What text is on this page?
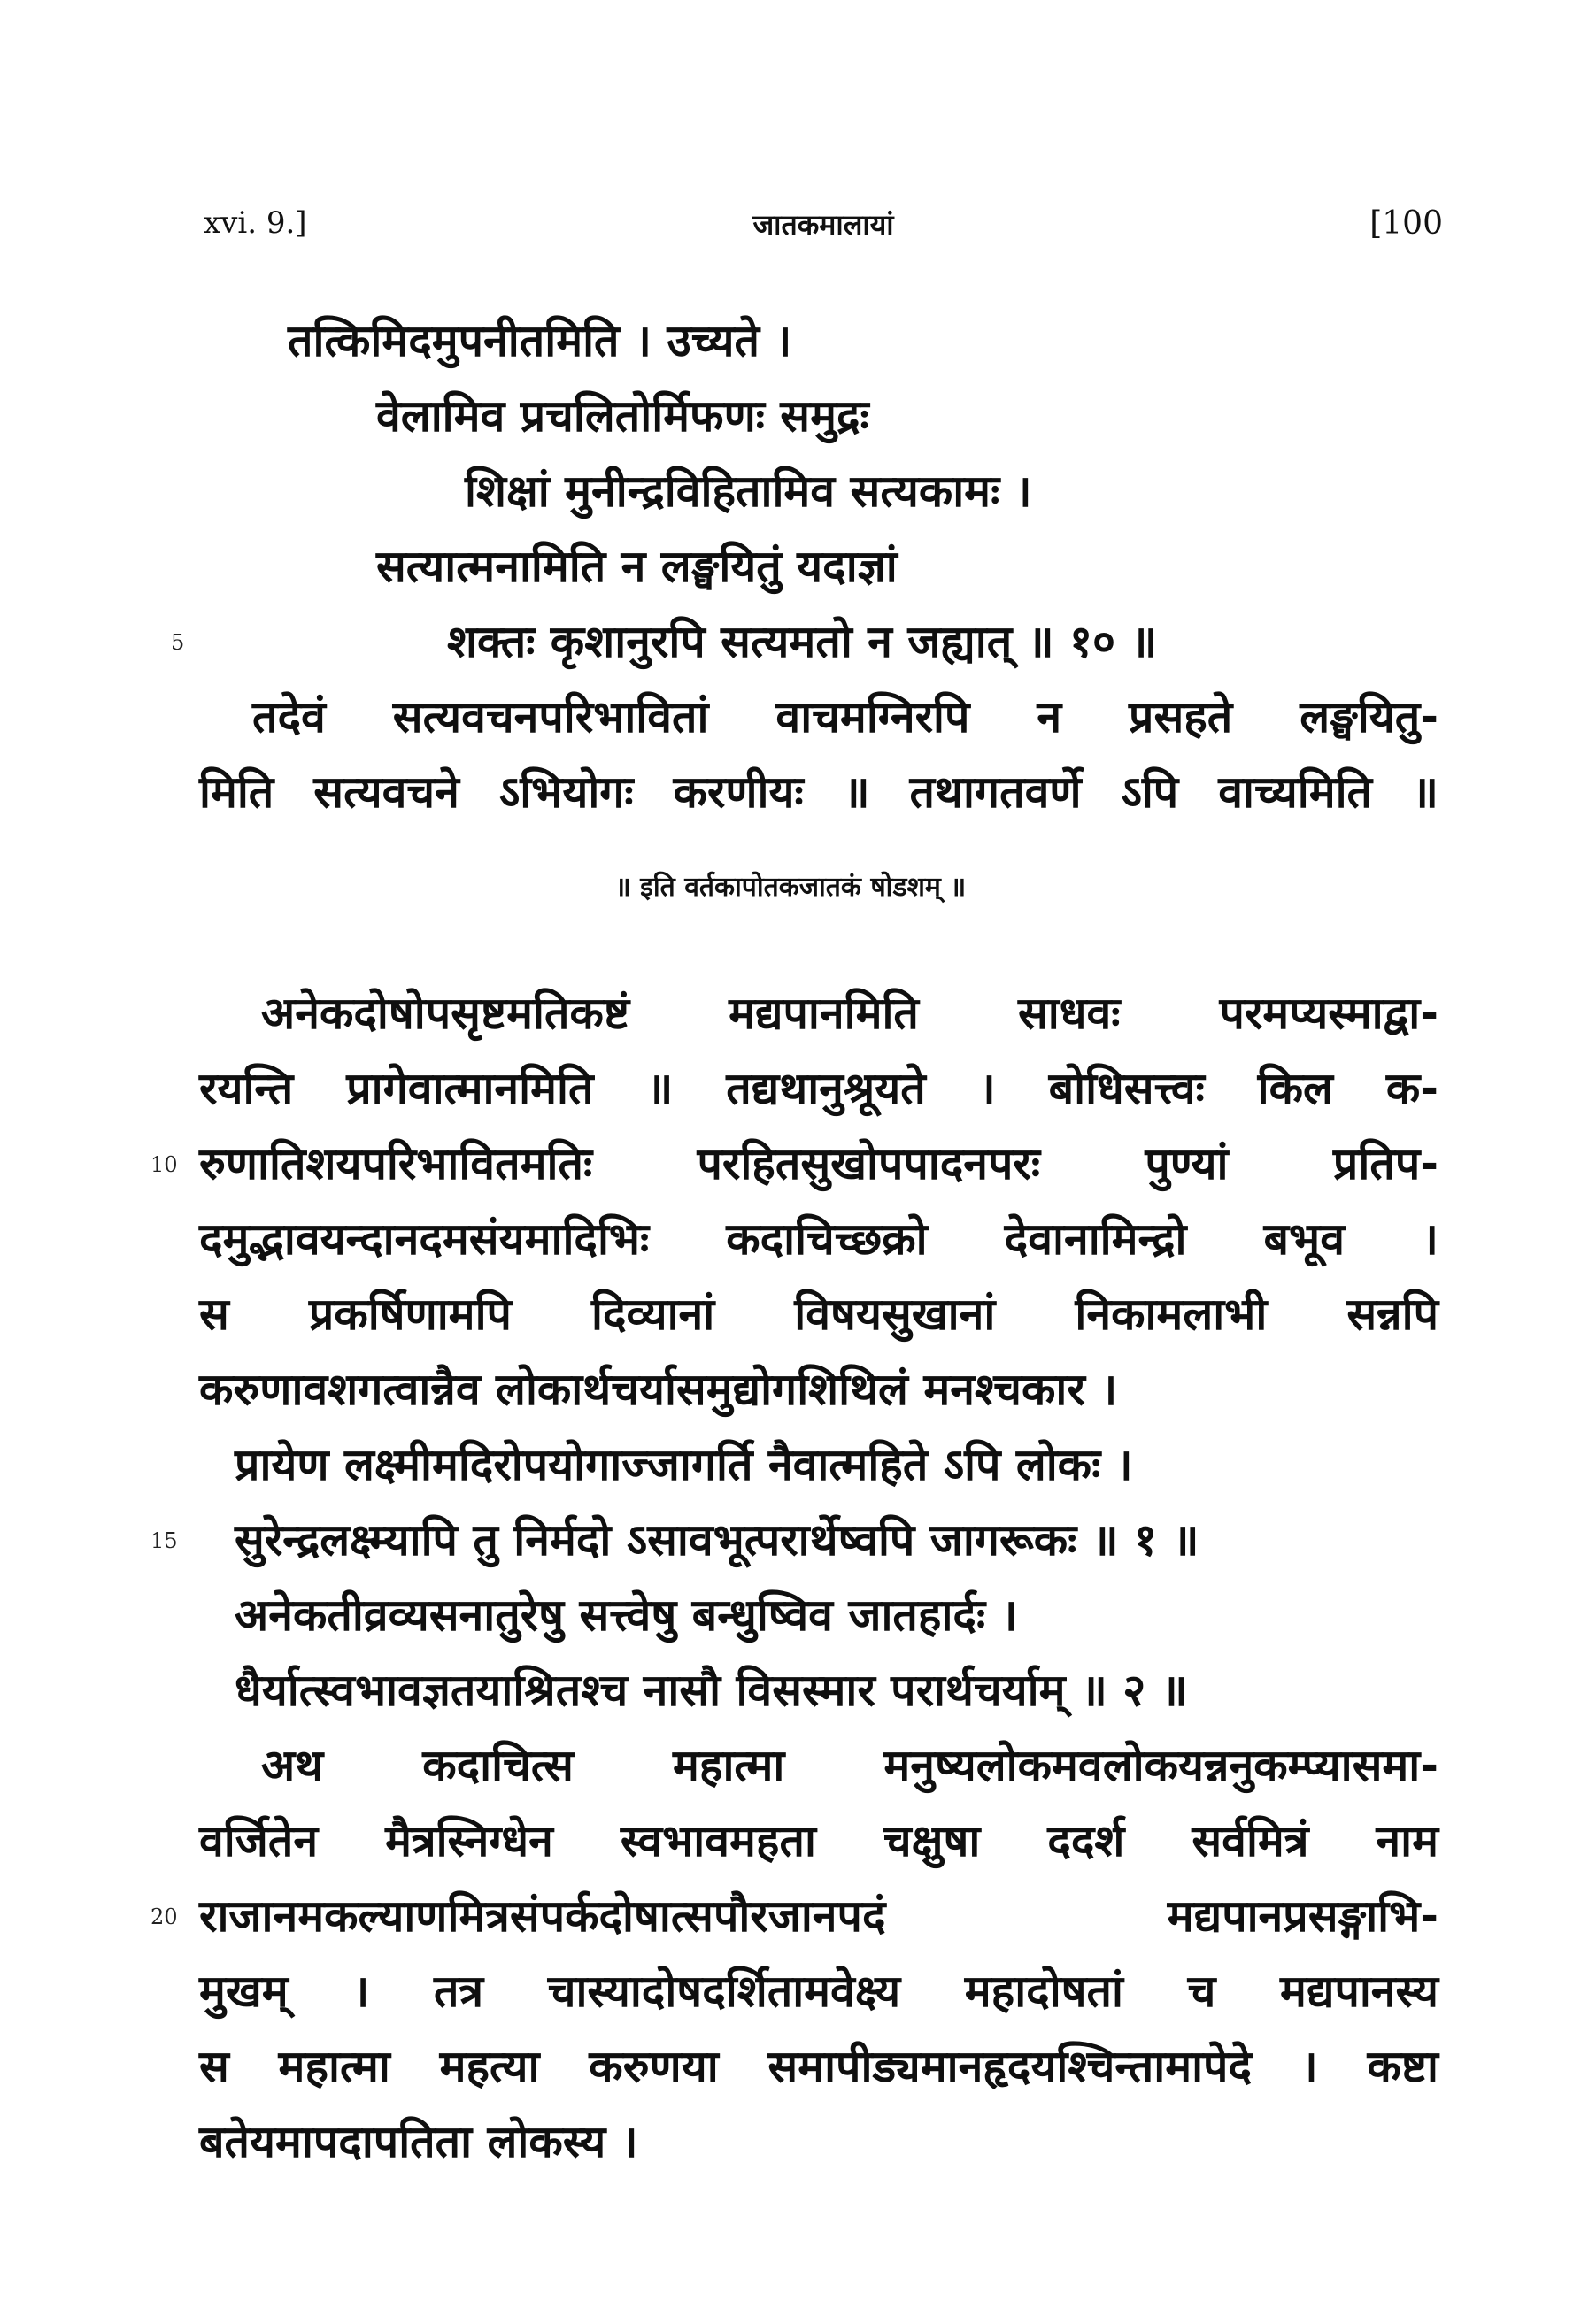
xvi. 9.]	जातकमालायां	[100
तत्किमिदमुपनीतमिति । उच्यते ।
वेलामिव प्रचलितोर्मिफणः समुद्रः
शिक्षां मुनीन्द्रविहितामिव सत्यकामः ।
सत्यात्मनामिति न लङ्घयितुं यदाज्ञां
5	शक्तः कृशानुरपि सत्यमतो न जह्यात् ॥ १० ॥
तदेवं सत्यवचनपरिभावितां वाचमग्निरपि न प्रसहते लङ्घयितु-
मिति सत्यवचने ऽभियोगः करणीयः ॥ तथागतवर्णे ऽपि वाच्यमिति ॥
॥ इति वर्तकापोतकजातकं षोडशम् ॥
अनेकदोषोपसृष्टमतिकष्टं मद्यपानमिति साधवः परमप्यस्माद्वा-
रयन्ति प्रागेवात्मानमिति ॥ तद्यथानुश्रूयते । बोधिसत्त्वः किल क-
10 रुणातिशयपरिभावितमतिः परहितसुखोपपादनपरः पुण्यां प्रतिप-
दमुद्भावयन्दानदमसंयमादिभिः कदाचिच्छक्रो देवानामिन्द्रो बभूव ।
स प्रकर्षिणामपि दिव्यानां विषयसुखानां निकामलाभी सन्नपि
करुणावशगत्वान्नैव लोकार्थचर्यासमुद्योगशिथिलं मनश्चकार ।
प्रायेण लक्ष्मीमदिरोपयोगाज्जागर्ति नैवात्महिते ऽपि लोकः ।
15 सुरेन्द्रलक्ष्म्यापि तु निर्मदो ऽसावभूत्परार्थेष्वपि जागरूकः ॥ १ ॥
अनेकतीव्रव्यसनातुरेषु सत्त्वेषु बन्धुष्विव जातहार्दः ।
धैर्यात्स्वभावज्ञतयाश्रितश्च नासौ विसस्मार परार्थचर्याम् ॥ २ ॥
अथ कदाचित्स महात्मा मनुष्यलोकमवलोकयन्ननुकम्प्यासमा-
वर्जितेन मैत्रस्निग्धेन स्वभावमहता चक्षुषा ददर्श सर्वमित्रं नाम
20 राजानमकल्याणमित्रसंपर्कदोषात्सपौरजानपदं मद्यपानप्रसङ्गाभि-
मुखम् । तत्र चास्यादोषदर्शितामवेक्ष्य महादोषतां च मद्यपानस्य
स महात्मा महत्या करुणया समापीड्यमानहृदयश्चिन्तामापेदे । कष्टा
बतेयमापदापतिता लोकस्य ।
